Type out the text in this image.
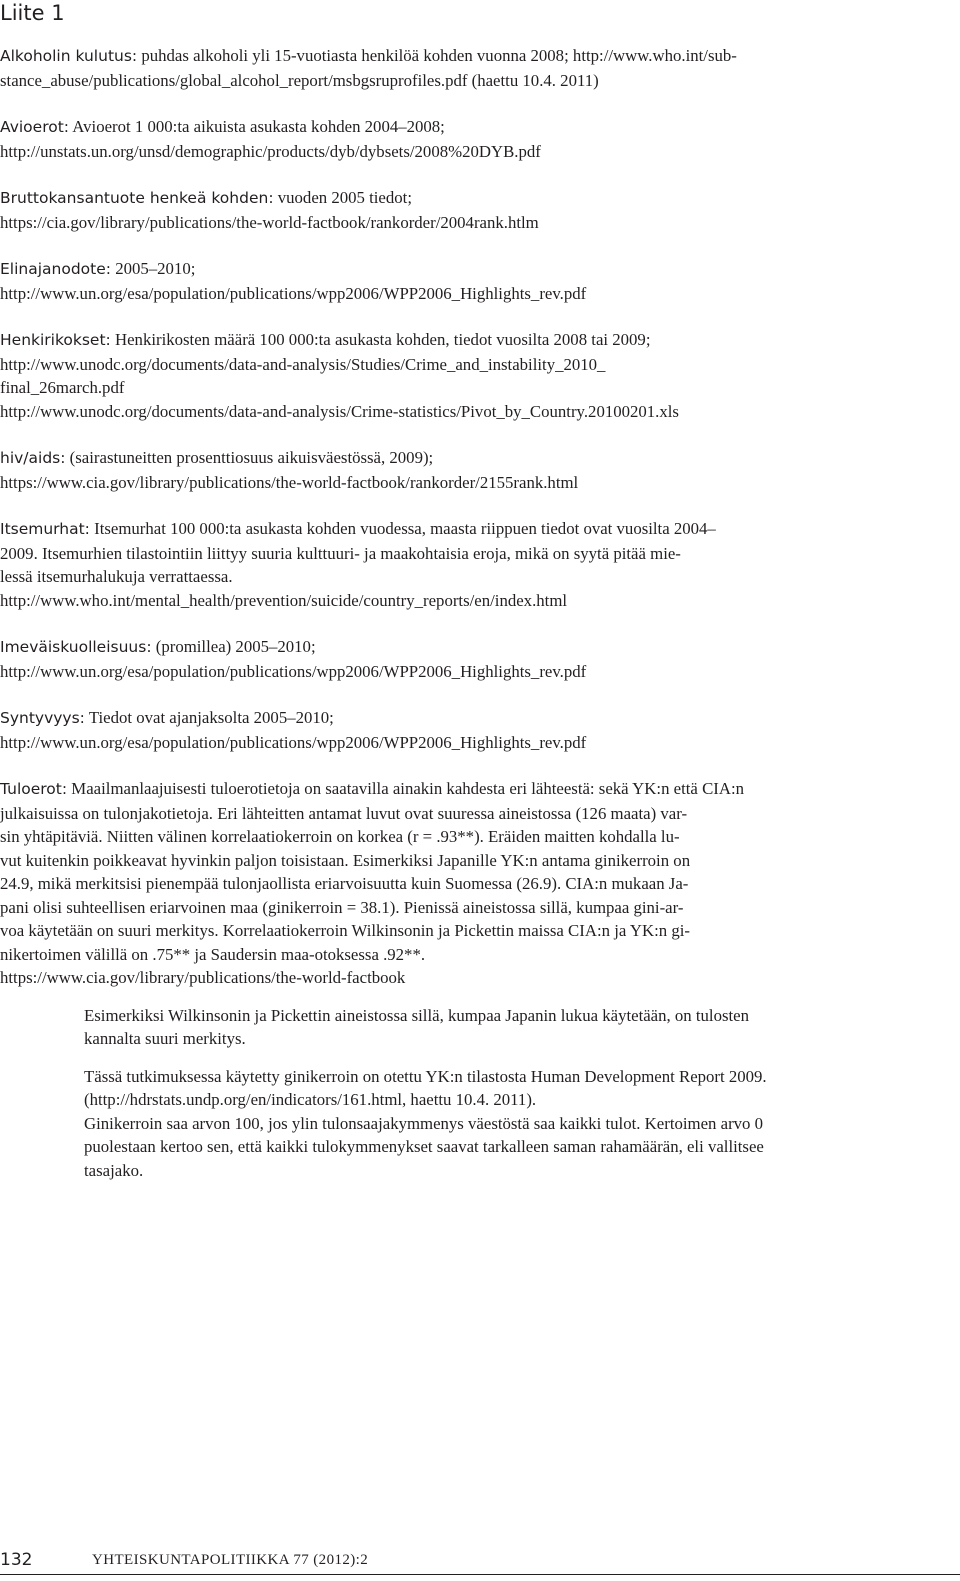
Liite 1

Alkoholin kulutus: puhdas alkoholi yli 15-vuotiasta henkilöä kohden vuonna 2008; http://www.who.int/sub-
stance_abuse/publications/global_alcohol_report/msbgsruprofiles.pdf (haettu 10.4. 2011)

Avioerot: Avioerot 1 000:ta aikuista asukasta kohden 2004–2008;
http://unstats.un.org/unsd/demographic/products/dyb/dybsets/2008%20DYB.pdf

Bruttokansantuote henkeä kohden: vuoden 2005 tiedot;
https://cia.gov/library/publications/the-world-factbook/rankorder/2004rank.htlm

Elinajanodote: 2005–2010;
http://www.un.org/esa/population/publications/wpp2006/WPP2006_Highlights_rev.pdf

Henkirikokset: Henkirikosten määrä 100 000:ta asukasta kohden, tiedot vuosilta 2008 tai 2009;
http://www.unodc.org/documents/data-and-analysis/Studies/Crime_and_instability_2010_
final_26march.pdf
http://www.unodc.org/documents/data-and-analysis/Crime-statistics/Pivot_by_Country.20100201.xls

hiv/aids: (sairastuneitten prosenttiosuus aikuisväestössä, 2009);
https://www.cia.gov/library/publications/the-world-factbook/rankorder/2155rank.html

Itsemurhat: Itsemurhat 100 000:ta asukasta kohden vuodessa, maasta riippuen tiedot ovat vuosilta 2004–
2009. Itsemurhien tilastointiin liittyy suuria kulttuuri- ja maakohtaisia eroja, mikä on syytä pitää mie-
lessä itsemurhalukuja verrattaessa.
http://www.who.int/mental_health/prevention/suicide/country_reports/en/index.html

Imeväiskuolleisuus: (promillea) 2005–2010;
http://www.un.org/esa/population/publications/wpp2006/WPP2006_Highlights_rev.pdf

Syntyvyys: Tiedot ovat ajanjaksolta 2005–2010;
http://www.un.org/esa/population/publications/wpp2006/WPP2006_Highlights_rev.pdf

Tuloerot: Maailmanlaajuisesti tuloerotietoja on saatavilla ainakin kahdesta eri lähteestä: sekä YK:n että CIA:n
julkaisuissa on tulonjakotietoja. Eri lähteitten antamat luvut ovat suuressa aineistossa (126 maata) var-
sin yhtäpitäviä. Niitten välinen korrelaatiokerroin on korkea (r = .93**). Eräiden maitten kohdalla lu-
vut kuitenkin poikkeavat hyvinkin paljon toisistaan. Esimerkiksi Japanille YK:n antama ginikerroin on
24.9, mikä merkitsisi pienempää tulonjaollista eriarvoisuutta kuin Suomessa (26.9). CIA:n mukaan Ja-
pani olisi suhteellisen eriarvoinen maa (ginikerroin = 38.1). Pienissä aineistossa sillä, kumpaa gini-ar-
voa käytetään on suuri merkitys. Korrelaatiokerroin Wilkinsonin ja Pickettin maissa CIA:n ja YK:n gi-
nikertoimen välillä on .75** ja Saudersin maa-otoksessa .92**.
https://www.cia.gov/library/publications/the-world-factbook

Esimerkiksi Wilkinsonin ja Pickettin aineistossa sillä, kumpaa Japanin lukua käytetään, on tulosten
kannalta suuri merkitys.

Tässä tutkimuksessa käytetty ginikerroin on otettu YK:n tilastosta Human Development Report 2009.
(http://hdrstats.undp.org/en/indicators/161.html, haettu 10.4. 2011).
Ginikerroin saa arvon 100, jos ylin tulonsaajakymmenys väestöstä saa kaikki tulot. Kertoimen arvo 0
puolestaan kertoo sen, että kaikki tulokymmenykset saavat tarkalleen saman rahamäärän, eli vallitsee
tasajako.

132	YHTEISKUNTAPOLITIIKKA 77 (2012):2
